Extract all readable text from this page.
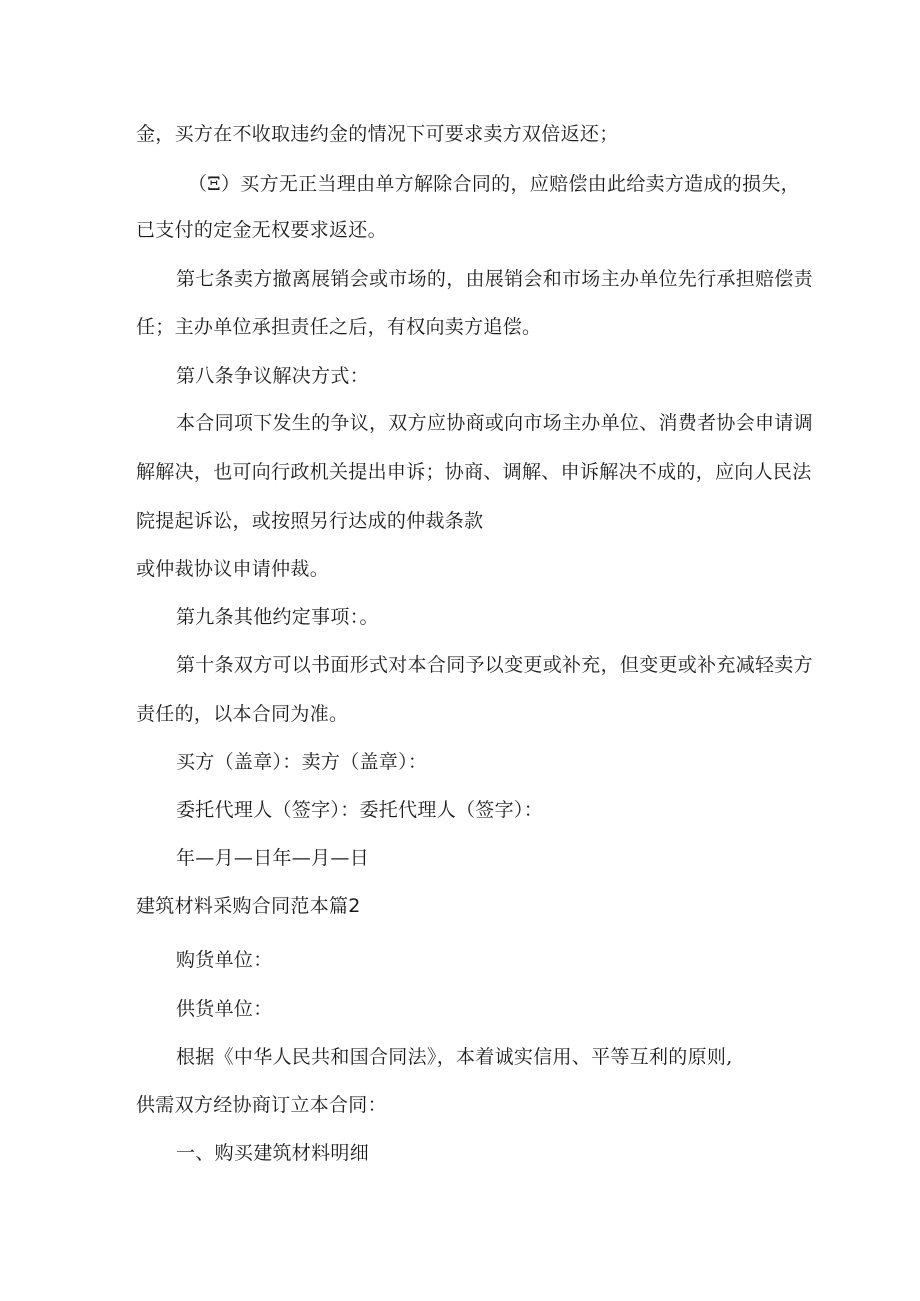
金，买方在不收取违约金的情况下可要求卖方双倍返还；
（Ξ）买方无正当理由单方解除合同的，应赔偿由此给卖方造成的损失，
已支付的定金无权要求返还。
第七条卖方撤离展销会或市场的，由展销会和市场主办单位先行承担赔偿责
任；主办单位承担责任之后，有权向卖方追偿。
第八条争议解决方式：
本合同项下发生的争议，双方应协商或向市场主办单位、消费者协会申请调
解解决，也可向行政机关提出申诉；协商、调解、申诉解决不成的，应向人民法
院提起诉讼，或按照另行达成的仲裁条款
或仲裁协议申请仲裁。
第九条其他约定事项：。
第十条双方可以书面形式对本合同予以变更或补充，但变更或补充减轻卖方
责任的，以本合同为准。
买方（盖章）：卖方（盖章）：
委托代理人（签字）：委托代理人（签字）：
年—月—日年—月—日
建筑材料采购合同范本篇2
购货单位：
供货单位：
根据《中华人民共和国合同法》，本着诚实信用、平等互利的原则,
供需双方经协商订立本合同：
一、购买建筑材料明细
